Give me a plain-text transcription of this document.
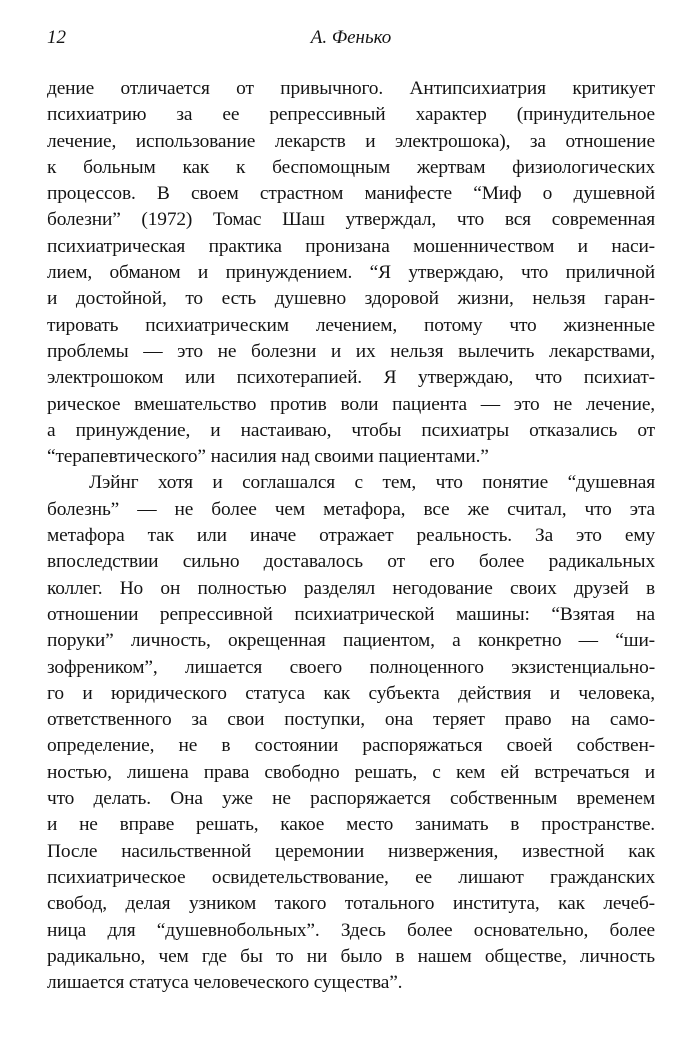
12	А. Фенько
дение отличается от привычного. Антипсихиатрия критикует
психиатрию за ее репрессивный характер (принудительное
лечение, использование лекарств и электрошока), за отношение
к больным как к беспомощным жертвам физиологических
процессов. В своем страстном манифесте “Миф о душевной
болезни” (1972) Томас Шаш утверждал, что вся современная
психиатрическая практика пронизана мошенничеством и наси-
лием, обманом и принуждением. “Я утверждаю, что приличной
и достойной, то есть душевно здоровой жизни, нельзя гаран-
тировать психиатрическим лечением, потому что жизненные
проблемы — это не болезни и их нельзя вылечить лекарствами,
электрошоком или психотерапией. Я утверждаю, что психиат-
рическое вмешательство против воли пациента — это не лечение,
а принуждение, и настаиваю, чтобы психиатры отказались от
“терапевтического” насилия над своими пациентами.”
Лэйнг хотя и соглашался с тем, что понятие “душевная
болезнь” — не более чем метафора, все же считал, что эта
метафора так или иначе отражает реальность. За это ему
впоследствии сильно доставалось от его более радикальных
коллег. Но он полностью разделял негодование своих друзей в
отношении репрессивной психиатрической машины: “Взятая на
поруки” личность, окрещенная пациентом, а конкретно — “ши-
зофреником”, лишается своего полноценного экзистенциально-
го и юридического статуса как субъекта действия и человека,
ответственного за свои поступки, она теряет право на само-
определение, не в состоянии распоряжаться своей собствен-
ностью, лишена права свободно решать, с кем ей встречаться и
что делать. Она уже не распоряжается собственным временем
и не вправе решать, какое место занимать в пространстве.
После насильственной церемонии низвержения, известной как
психиатрическое освидетельствование, ее лишают гражданских
свобод, делая узником такого тотального института, как лечеб-
ница для “душевнобольных”. Здесь более основательно, более
радикально, чем где бы то ни было в нашем обществе, личность
лишается статуса человеческого существа”.
